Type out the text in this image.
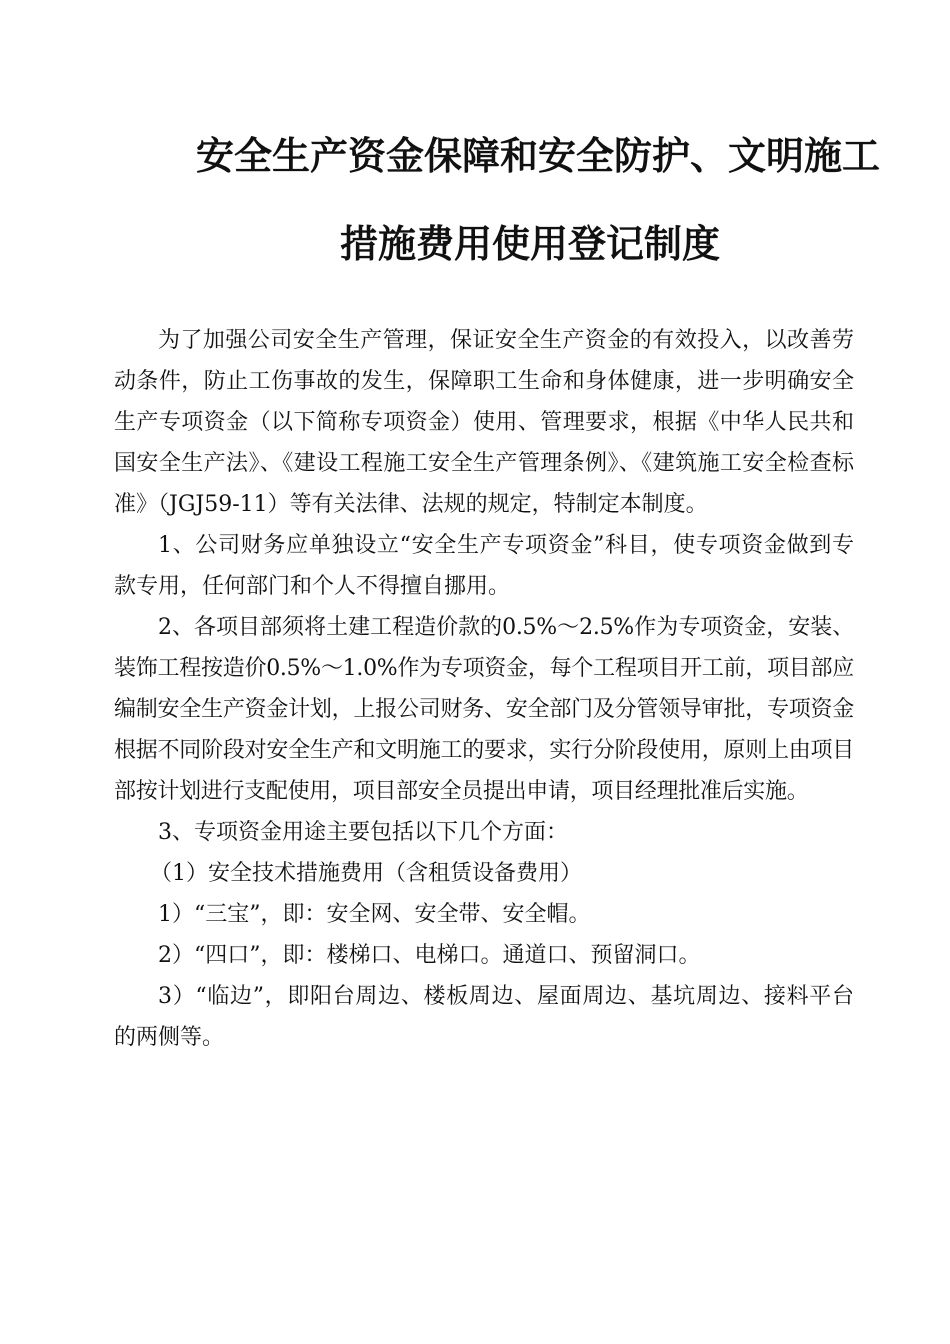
安全生产资金保障和安全防护、文明施工
措施费用使用登记制度

为了加强公司安全生产管理，保证安全生产资金的有效投入，以改善劳动条件，防止工伤事故的发生，保障职工生命和身体健康，进一步明确安全生产专项资金（以下简称专项资金）使用、管理要求，根据《中华人民共和国安全生产法》、《建设工程施工安全生产管理条例》、《建筑施工安全检查标准》（JGJ59-11）等有关法律、法规的规定，特制定本制度。

1、公司财务应单独设立“安全生产专项资金”科目，使专项资金做到专款专用，任何部门和个人不得擅自挪用。

2、各项目部须将土建工程造价款的0.5%～2.5%作为专项资金，安装、装饰工程按造价0.5%～1.0%作为专项资金，每个工程项目开工前，项目部应编制安全生产资金计划，上报公司财务、安全部门及分管领导审批，专项资金根据不同阶段对安全生产和文明施工的要求，实行分阶段使用，原则上由项目部按计划进行支配使用，项目部安全员提出申请，项目经理批准后实施。

3、专项资金用途主要包括以下几个方面：

（1）安全技术措施费用（含租赁设备费用）

1）“三宝”，即：安全网、安全带、安全帽。

2）“四口”，即：楼梯口、电梯口。通道口、预留洞口。

3）“临边”，即阳台周边、楼板周边、屋面周边、基坑周边、接料平台的两侧等。
